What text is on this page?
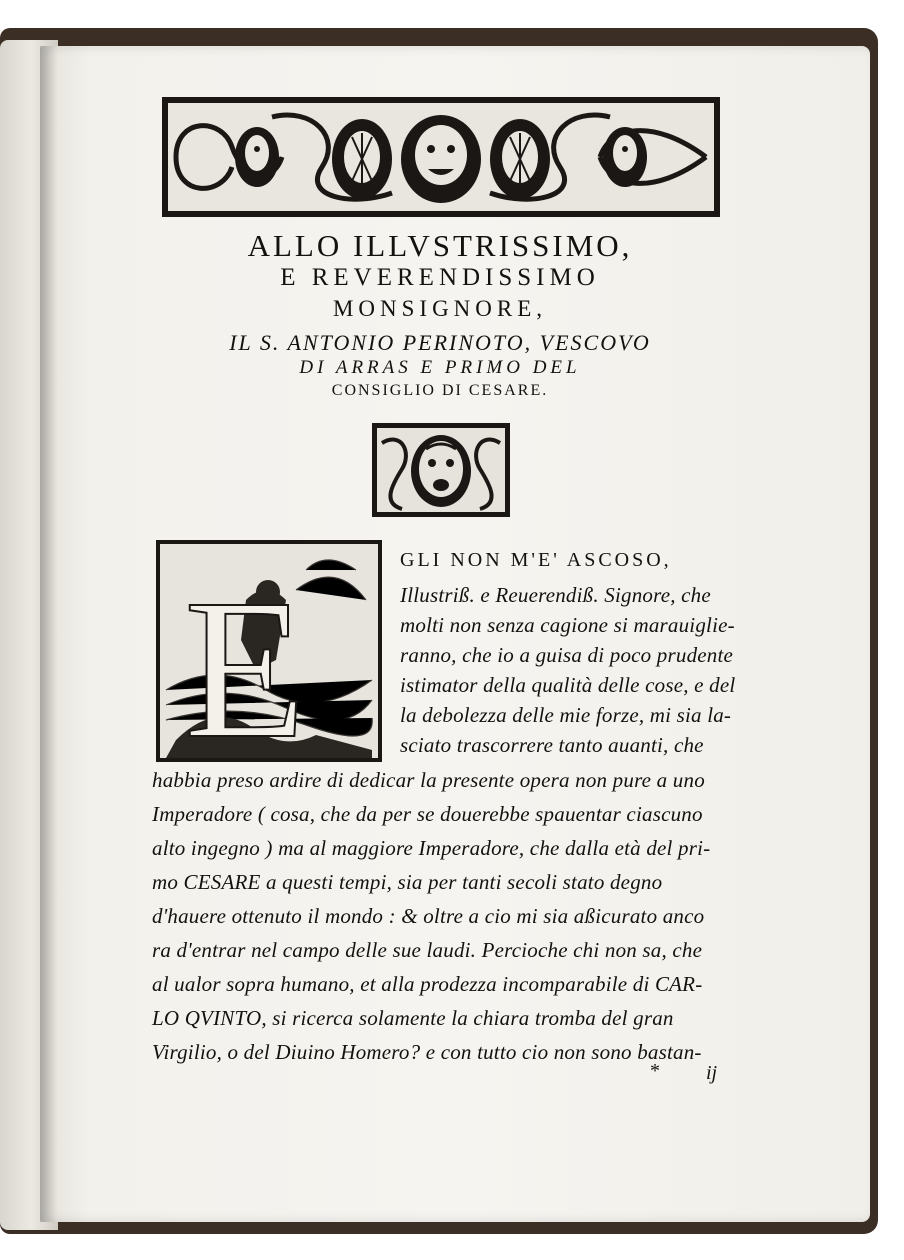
ALLO ILLVSTRISSIMO,
E REVERENDISSIMO
MONSIGNORE,
IL S. ANTONIO PERINOTO, VESCOVO
DI ARRAS E PRIMO DEL
CONSIGLIO DI CESARE.
E	GLI NON M'E' ASCOSO,
Illustriß. e Reuerendiß. Signore, che
molti non senza cagione si marauiglie-
ranno, che io a guisa di poco prudente
istimator della qualità delle cose, e del
la debolezza delle mie forze, mi sia la-
sciato trascorrere tanto auanti, che
habbia preso ardire di dedicar la presente opera non pure a uno
Imperadore ( cosa, che da per se douerebbe spauentar ciascuno
alto ingegno ) ma al maggiore Imperadore, che dalla età del pri-
mo CESARE a questi tempi, sia per tanti secoli stato degno
d'hauere ottenuto il mondo : & oltre a cio mi sia aßicurato anco
ra d'entrar nel campo delle sue laudi. Percioche chi non sa, che
al ualor sopra humano, et alla prodezza incomparabile di CAR-
LO QVINTO, si ricerca solamente la chiara tromba del gran
Virgilio, o del Diuino Homero? e con tutto cio non sono bastan-
* ij
